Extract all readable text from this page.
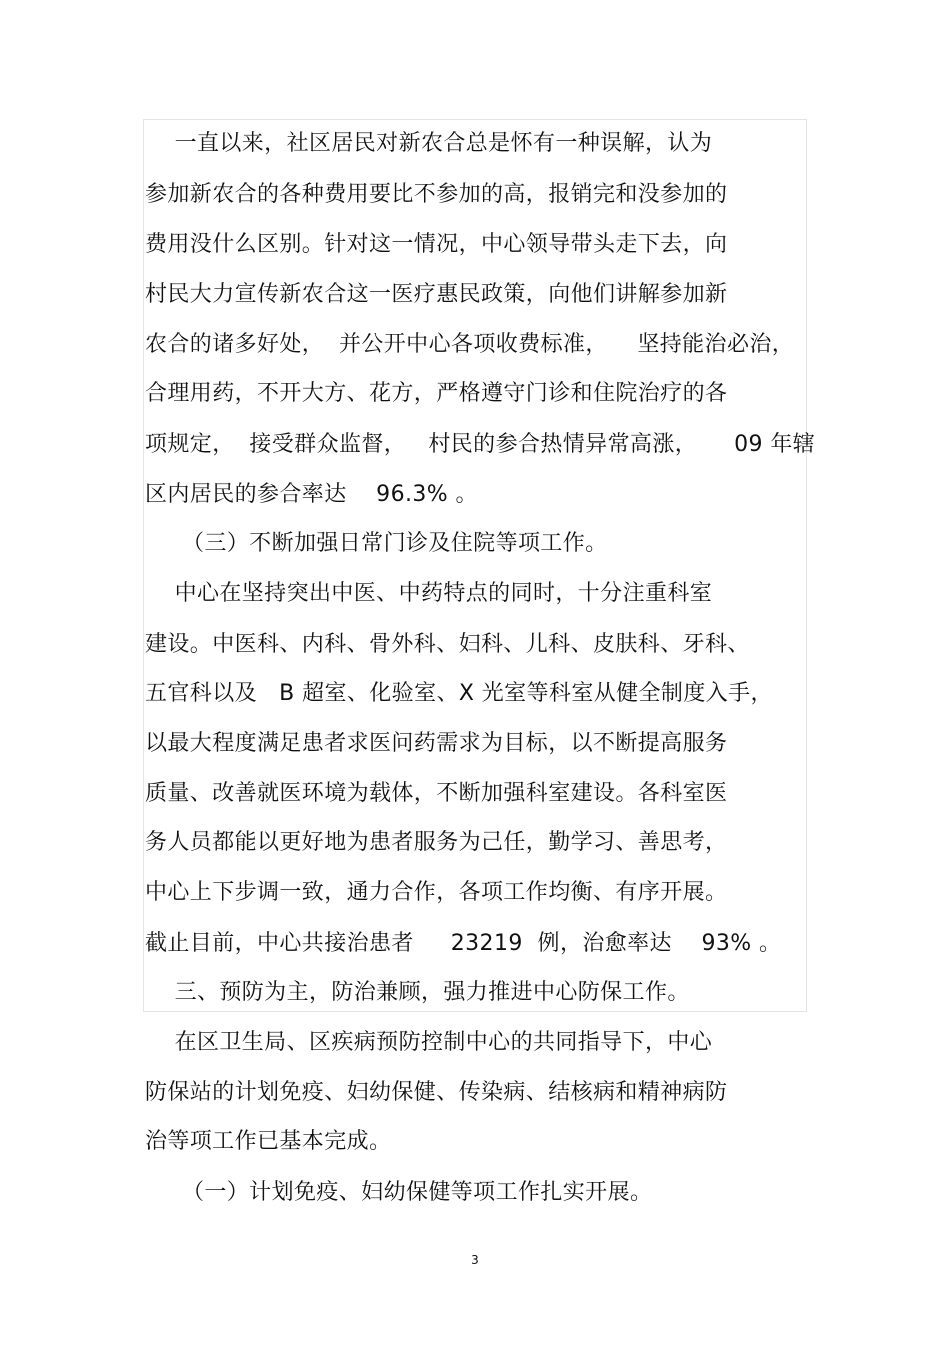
一直以来，社区居民对新农合总是怀有一种误解，认为
参加新农合的各种费用要比不参加的高，报销完和没参加的
费用没什么区别。针对这一情况，中心领导带头走下去，向
村民大力宣传新农合这一医疗惠民政策，向他们讲解参加新
农合的诸多好处，  并公开中心各项收费标准，    坚持能治必治，
合理用药，不开大方、花方，严格遵守门诊和住院治疗的各
项规定，  接受群众监督，   村民的参合热情异常高涨，     09 年辖
区内居民的参合率达    96.3% 。
（三）不断加强日常门诊及住院等项工作。
中心在坚持突出中医、中药特点的同时，十分注重科室
建设。中医科、内科、骨外科、妇科、儿科、皮肤科、牙科、
五官科以及   B 超室、化验室、X 光室等科室从健全制度入手，
以最大程度满足患者求医问药需求为目标，以不断提高服务
质量、改善就医环境为载体，不断加强科室建设。各科室医
务人员都能以更好地为患者服务为己任，勤学习、善思考，
中心上下步调一致，通力合作，各项工作均衡、有序开展。
截止目前，中心共接治患者     23219  例，治愈率达    93% 。
三、预防为主，防治兼顾，强力推进中心防保工作。
在区卫生局、区疾病预防控制中心的共同指导下，中心
防保站的计划免疫、妇幼保健、传染病、结核病和精神病防
治等项工作已基本完成。
（一）计划免疫、妇幼保健等项工作扎实开展。
3
